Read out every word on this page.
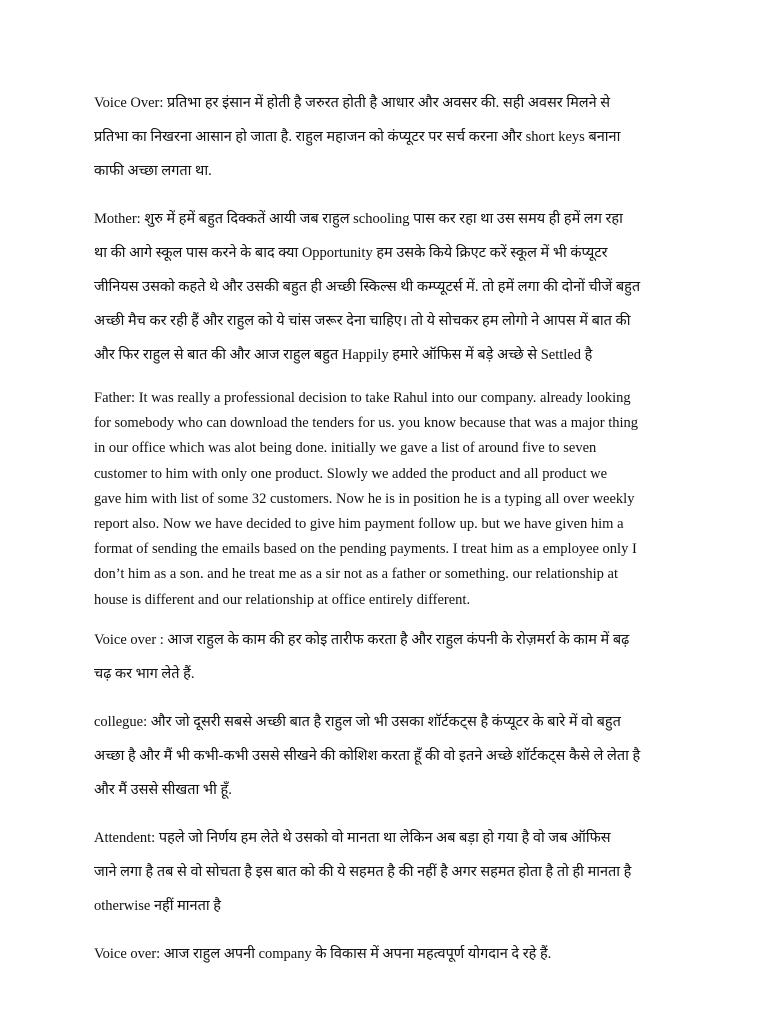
Voice Over: प्रतिभा हर इंसान में होती है जरुरत होती है आधार और अवसर की. सही अवसर मिलने से
प्रतिभा का निखरना आसान हो जाता है. राहुल महाजन को कंप्यूटर पर सर्च करना और short keys बनाना
काफी अच्छा लगता था.

Mother: शुरु में हमें बहुत दिक्कतें आयी जब राहुल schooling पास कर रहा था उस समय ही हमें लग रहा
था की आगे स्कूल पास करने के बाद क्या Opportunity हम उसके किये क्रिएट करें स्कूल में भी कंप्यूटर
जीनियस उसको कहते थे और उसकी बहुत ही अच्छी स्किल्स थी कम्प्यूटर्स में. तो हमें लगा की दोनों चीजें बहुत
अच्छी मैच कर रही हैं और राहुल को ये चांस जरूर देना चाहिए। तो ये सोचकर हम लोगो ने आपस में बात की
और फिर राहुल से बात की और आज राहुल बहुत Happily हमारे ऑफिस में बड़े अच्छे से Settled है

Father: It was really a professional decision to take Rahul into our company. already looking
for somebody who can download the tenders for us. you know because that was a major thing
in our office which was alot being done. initially we gave a list of around five to seven
customer to him with only one product. Slowly we added the product and all product we
gave him with list of some 32 customers. Now he is in position he is a typing all over weekly
report also. Now we have decided to give him payment follow up. but we have given him a
format of sending the emails based on the pending payments. I treat him as a employee only I
don’t him as a son. and he treat me as a sir not as a father or something. our relationship at
house is different and our relationship at office entirely different.

Voice over : आज राहुल के काम की हर कोइ तारीफ करता है और राहुल कंपनी के रोज़मर्रा के काम में बढ़
चढ़ कर भाग लेते हैं.

collegue: और जो दूसरी सबसे अच्छी बात है राहुल जो भी उसका शॉर्टकट्स है कंप्यूटर के बारे में वो बहुत
अच्छा है और मैं भी कभी-कभी उससे सीखने की कोशिश करता हूँ की वो इतने अच्छे शॉर्टकट्स कैसे ले लेता है
और मैं उससे सीखता भी हूँ.

Attendent: पहले जो निर्णय हम लेते थे उसको वो मानता था लेकिन अब बड़ा हो गया है वो जब ऑफिस
जाने लगा है तब से वो सोचता है इस बात को की ये सहमत है की नहीं है अगर सहमत होता है तो ही मानता है
otherwise नहीं मानता है

Voice over: आज राहुल अपनी company के विकास में अपना महत्वपूर्ण योगदान दे रहे हैं.
